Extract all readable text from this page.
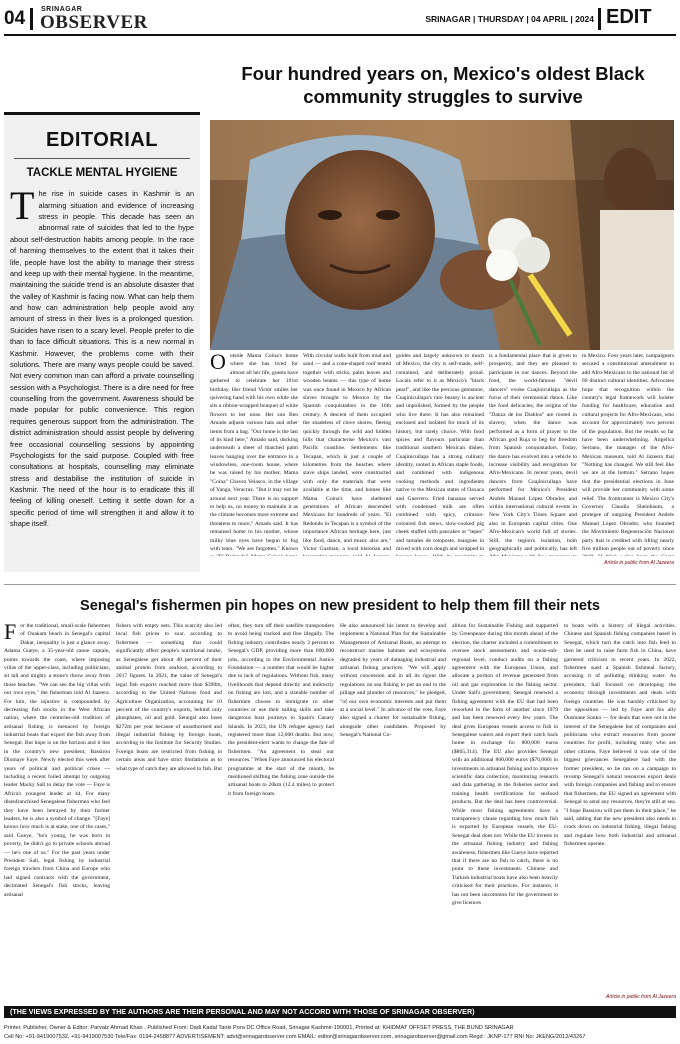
04 SRINAGAR
OBSERVER	SRINAGAR | THURSDAY | 04 APRIL | 2024 EDIT
EDITORIAL
TACKLE MENTAL HYGIENE
The rise in suicide cases in Kashmir is an alarming situation and evidence of increasing stress in people. This decade has seen an abnormal rate of suicides that led to the hype about self-destruction habits among people. In the race of harming themselves to the extent that it takes their life, people have lost the ability to manage their stress and keep up with their mental hygiene. In the meantime, maintaining the suicide trend is an absolute disaster that the valley of Kashmir is facing now. What can help them and how can administration help people avoid any amount of stress in their lives is a prolonged question. Suicides have risen to a scary level. People prefer to die than to face difficult situations. This is a new normal in Kashmir. However, the problems come with their solutions. There are many ways people could be saved. Not every common man can afford a private counselling session with a Psychologist. There is a dire need for free counselling from the government. Awareness should be made popular for public convenience. This region requires generous support from the administration. The district administration should assist people by delivering free occasional counselling sessions by appointing Psychologists for the said purpose. Coupled with free consultations at hospitals, counselling may eliminate stress and destabilise the institution of suicide in Kashmir. The need of the hour is to eradicate this ill feeling of killing oneself. Letting it settle down for a specific period of time will strengthen it and allow it to shape itself.
Four hundred years on, Mexico's oldest Black community struggles to survive
Outside Mama Coina's home where she has lived for almost all her life, guests have gathered to celebrate her 101st birthday. Her friend Victor smiles her quivering hand with his own while she sits a ribbon-wrapped bouquet of white flowers to her nose. Her son Ben Amado adjusts various hats and other items from a bag. "Our home is the last of its kind here," Amado said, ducking underneath a sheet of thatched palm leaves hanging over the entrance to a windowless, one-room house, where he was raised by his mother, Mama "Coina" Chavez Velasco, in the village of Yanga, Veracruz. "But it may not be around next year. There is no support to help us, no money to maintain it as the climate becomes more extreme and threatens to more," Amado said. It has remained home to his mother, whose milky blue eyes have begun to fog with tears. "We are forgotten." Known
With circular walls built from mud and sand — and a cone-shaped roof tented together with sticks, palm leaves and wooden beams — this type of home was once found in Mexico by African slaves brought to Mexico by the Spanish conquistadors in the 16th century. A descent of them occupied the shadeless of clove shores, fleeing quickly through the wild and hidden hills that characterise Mexico's vast Pacific coastline. Settlements like Tecapan, which is just a couple of kilometres from the beaches where slave ships landed, were constructed with only the materials that were available at the time, and homes like Mama Coina's have sheltered generations of African descended Mexicans for hundreds of years. "El Redondo in Tecapan is a symbol of the importance African heritage here, just like food, dance, and music also are," Victor Guzman, a local historian and
guides and largely unknown to much of Mexico, the city is self-made, self-contained, and deliberately proud. Locals refer to it as Mexico's "black pearl", and like the precious gemstone, Cuajinicuilapa's rare beauty is ancient and unpolished, formed by the people who live there. It has also remained enclosed and isolated for much of its history, but rarely choice. With food spices and flavours particular than traditional southern Mexican dishes, Cuajinicuilapa has a strong culinary identity, rooted in African staple foods, and combined with indigenous cooking methods and ingredients native to the Mexican states of Oaxaca and Guerrero. Fried bananas served with condensed milk are often combined with spicy, crimson-coloured fish stews, slow-cooked pig cheek stuffed with pancakes or "tepes" and tamales de totoposte, mangoes in mixed with corn dough and wrapped in
is a fundamental place that is given to prosperity, and they are pleased to participate in our dances. Beyond the food, the world-famous "devil dancers" evoke Cuajinicuilapa as the focus of their ceremonial dance. Like the food delicacies, the origins of the "Danza de los Diablos" are rooted in slavery, when the dance was performed as a form of prayer to the African god Ruja to beg for freedom from Spanish conquistadors. Today, the dance has evolved into a vehicle to increase visibility and recognition for Afro-Mexicans. In recent years, devil dancers from Cuajinicuilapa have performed for Mexico's President Andrés Manuel López Obrador, and within international cultural events in New York City's Times Square and also in European capital cities. One Afro-Mexican's world full of stories. Still, the region's isolation, both geographically and politically, has left
in Mexico. Four years later, campaigners secured a constitutional amendment to add Afro-Mexicans to the national list of 69 distinct cultural identities. Advocates hope that recognition within the country's legal framework will bolster funding for healthcare, education and cultural projects for Afro-Mexicans, who account for approximately two percent of the population. But the results so far have been underwhelming. Angelica Serrano, the manager of the Afro-Mexican museum, told Al Jazeera that "Nothing has changed. We still feel like we are at the bottom." Serrano hopes that the presidential elections in June will provide her community with some relief. The frontrunner is Mexico City's Governor Claudia Sheinbaum, a protegee of outgoing President Andrés Manuel López Obrador, who founded the Movimiento Regeneración Nacional party that is credited with lifting nearly five million people out of poverty since
Article in public from Al Jazeera
Senegal's fishermen pin hopes on new president to help them fill their nets
For the traditional, small-scale fishermen of Ouakam beach in Senegal's capital Dakar, inequality is just a glance away. Adama Gueye, a 35-year-old canoe captain, points towards the coast, where imposing villas of the upper-class, including politicians, sit tall and mighty a stone's throw away from those beaches. "We can see the big villas with our own eyes," the fisherman told Al Jazeera. For him, the injustice is compounded by decreasing fish stocks in the West African nation, where the centuries-old tradition of artisanal fishing is menaced by foreign industrial boats that export the fish away from Senegal. But hope is on the horizon and it lies in the country's new president, Bassirou Diomaye Faye. Newly elected this week after years of political and political crises — including a recent foiled attempt by outgoing leader Macky Sall to delay the vote — Faye is Africa's youngest leader at 44. For many disenfranchised Senegalese fishermen who feel they have been betrayed by their former leaders, he is also a symbol of change. "[Faye] knows how much is at stake, one of the cases," said Gueye, "he's young, he was born in poverty, he didn't go to private schools abroad — he's one of us." For the past years under President Sall, legal fishing by industrial foreign trawlers from China and Europe who had signed contracts with the government, decimated Senegal's fish stocks, leaving artisanal
fishers with empty nets. This scarcity also led local fish prices to soar, according to fishermen — something that could significantly affect people's nutritional intake, as Senegalese get about 40 percent of their animal protein from seafood, according to 2017 figures. In 2021, the value of Senegal's legal fish exports reached more than $390m, according to the United Nations food and Agriculture Organization, accounting for 10 percent of the country's exports, behind only phosphates, oil and gold. Senegal also loses $272m per year because of unauthorised and illegal industrial fishing by foreign boats, according to the Institute for Security Studies. Foreign boats are restricted from fishing in certain areas and have strict limitations as to what type of catch they are allowed to fish. But
often, they turn off their satellite transponders to avoid being tracked and fine illegally. The fishing industry contributes nearly 3 percent to Senegal's GDP, providing more than 600,000 jobs, according to the Environmental Justice Foundation — a number that would be higher due to lack of regulations. Without fish, many livelihoods that depend directly and indirectly on fishing are lost, and a sizeable number of fishermen choose to immigrate to other countries or use their sailing skills and take dangerous boat journeys to Spain's Canary Islands. In 2023, the UN refugee agency had registered more than 12,000 deaths. But now, the president-elect wants to change the fate of fishermen. "An agreement to steal our resources." When Faye announced his electoral programme at the start of the month, he mentioned shifting the fishing zone outside the artisanal boats to 20km (12.4 miles) to protect it from foreign boats.
He also announced his intent to develop and implement a National Plan for the Sustainable Management of Artisanal Boats, an attempt to reconstruct marine habitats and ecosystems degraded by years of damaging industrial and artisanal fishing practices. "We will apply without concession and in all its rigour the regulations on sea fishing to put an end to the pillage and plunder of resources," he pledged, "of our own economic interests and put them at a social level." In advance of the vote, Faye also signed a charter for sustainable fishing, alongside other candidates. Proposed by Senegal's National Co-
alition for Sustainable Fishing and supported by Greenpeace during this month ahead of the election, the charter included a commitment to oversee stock assessments and ocean-sub-regional level, conduct audits on a fishing agreement with the European Union, and allocate a portion of revenue generated from oil and gas exploration to the fishing sector. Under Sall's government, Senegal renewed a fishing agreement with the EU that had been reworked in the form of another since 1979 and has been renewed every few years. The deal gives European vessels access to fish in Senegalese waters and export their catch back home in exchange for 800,000 euros ($865,314). The EU also provides Senegal with an additional 800,000 euros ($70,000) in investments in artisanal fishing and to improve scientific data collection, monitoring research and data gathering in the fisheries sector and training health certifications for seafood products. But the deal has been controversial. While most fishing agreements have a transparency clause regarding how much fish is exported by European vessels, the EU-Senegal deal does not. While the EU invests in the artisanal fishing industry and fishing awareness, fishermen like Gueye have reported that if there are no fish to catch, there is no point to these investments. Chinese and Turkish industrial boats have also been heavily criticised for their practices. For instance, it has not been uncommon for the government to give licences
to boats with a history of illegal activities. Chinese and Spanish fishing companies based in Senegal, which turn the catch into fish feed to then be used to raise farm fish in China, have garnered criticism in recent years. In 2022, fishermen sued a Spanish fishmeal factory, accusing it of polluting drinking water. As president, Sall focused on developing the economy through investments and deals with foreign countries. He was harshly criticised by the opposition — led by Faye and his ally Ousmane Sonko — for deals that were not in the interest of the Senegalese but of companies and politicians who extract resources from poorer countries for profit, including many who are other citizens. Faye believed it was one of the biggest grievances Senegalese had with the former president, so he ran on a campaign to revamp Senegal's natural resources export deals with foreign companies and fishing and to ensure that fishermen, the EU signed an agreement with Senegal to send any resources, they're still at sea. "I hope Bassirou will put them in their place," he said, adding that the new president also needs to crack down on industrial fishing, illegal fishing and regulate how both industrial and artisanal fishermen operate.
Article in public from Al Jazeera
(THE VIEWS EXPRESSED BY THE AUTHORS ARE THEIR PERSONAL AND MAY NOT ACCORD WITH THOSE OF SRINAGAR OBSERVER)
Printer, Publisher, Owner & Editor: Parvaiz Ahmad Khan , Published From: Dadi Kadal Tanki Pora DC Office Road, Srinagar Kashmir-190001, Printed at: KHIDMAT OFFSET PRESS, THE BUND SRINAGAR
Cell No: +91-9419007532, +91-9419007530 Tele/Fax: 0194-2458877 ADVERTISEMENT: advt@srinagarobserver.com EMAIL: editor@srinagarobserver.com, srinagarobserver@gmail.com Regd : JKNP-177 RNI No: JKENG/2012/43267
